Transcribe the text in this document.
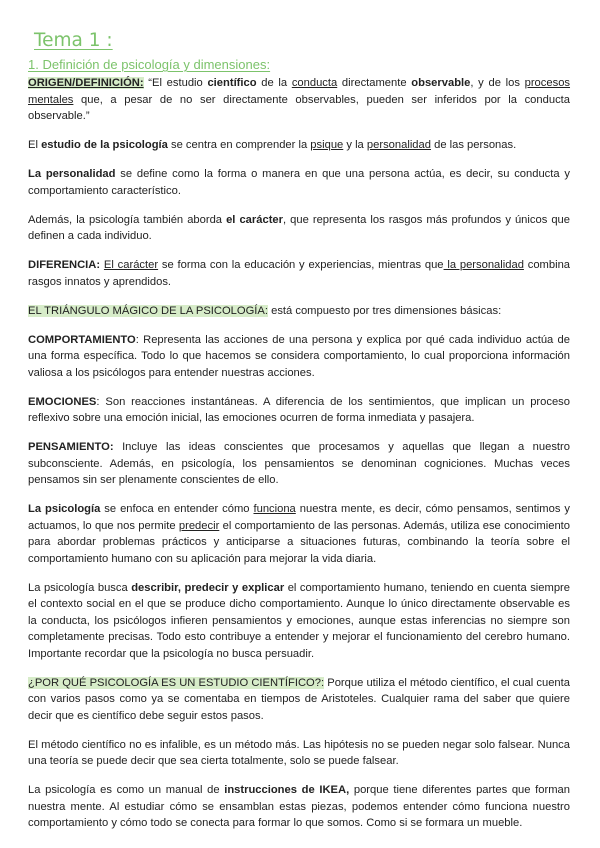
Tema 1 :
1. Definición de psicología y dimensiones:

ORIGEN/DEFINICIÓN: “El estudio científico de la conducta directamente observable, y de los procesos mentales que, a pesar de no ser directamente observables, pueden ser inferidos por la conducta observable.”

El estudio de la psicología se centra en comprender la psique y la personalidad de las personas.

La personalidad se define como la forma o manera en que una persona actúa, es decir, su conducta y comportamiento característico.

Además, la psicología también aborda el carácter, que representa los rasgos más profundos y únicos que definen a cada individuo.

DIFERENCIA: El carácter se forma con la educación y experiencias, mientras que la personalidad combina rasgos innatos y aprendidos.

EL TRIÁNGULO MÁGICO DE LA PSICOLOGÍA: está compuesto por tres dimensiones básicas:

COMPORTAMIENTO: Representa las acciones de una persona y explica por qué cada individuo actúa de una forma específica. Todo lo que hacemos se considera comportamiento, lo cual proporciona información valiosa a los psicólogos para entender nuestras acciones.

EMOCIONES: Son reacciones instantáneas. A diferencia de los sentimientos, que implican un proceso reflexivo sobre una emoción inicial, las emociones ocurren de forma inmediata y pasajera.

PENSAMIENTO: Incluye las ideas conscientes que procesamos y aquellas que llegan a nuestro subconsciente. Además, en psicología, los pensamientos se denominan cogniciones. Muchas veces pensamos sin ser plenamente conscientes de ello.

La psicología se enfoca en entender cómo funciona nuestra mente, es decir, cómo pensamos, sentimos y actuamos, lo que nos permite predecir el comportamiento de las personas. Además, utiliza ese conocimiento para abordar problemas prácticos y anticiparse a situaciones futuras, combinando la teoría sobre el comportamiento humano con su aplicación para mejorar la vida diaria.

La psicología busca describir, predecir y explicar el comportamiento humano, teniendo en cuenta siempre el contexto social en el que se produce dicho comportamiento. Aunque lo único directamente observable es la conducta, los psicólogos infieren pensamientos y emociones, aunque estas inferencias no siempre son completamente precisas. Todo esto contribuye a entender y mejorar el funcionamiento del cerebro humano. Importante recordar que la psicología no busca persuadir.

¿POR QUÉ PSICOLOGÍA ES UN ESTUDIO CIENTÍFICO?: Porque utiliza el método científico, el cual cuenta con varios pasos como ya se comentaba en tiempos de Aristoteles. Cualquier rama del saber que quiere decir que es científico debe seguir estos pasos.

El método científico no es infalible, es un método más. Las hipótesis no se pueden negar solo falsear. Nunca una teoría se puede decir que sea cierta totalmente, solo se puede falsear.

La psicología es como un manual de instrucciones de IKEA, porque tiene diferentes partes que forman nuestra mente. Al estudiar cómo se ensamblan estas piezas, podemos entender cómo funciona nuestro comportamiento y cómo todo se conecta para formar lo que somos. Como si se formara un mueble.
